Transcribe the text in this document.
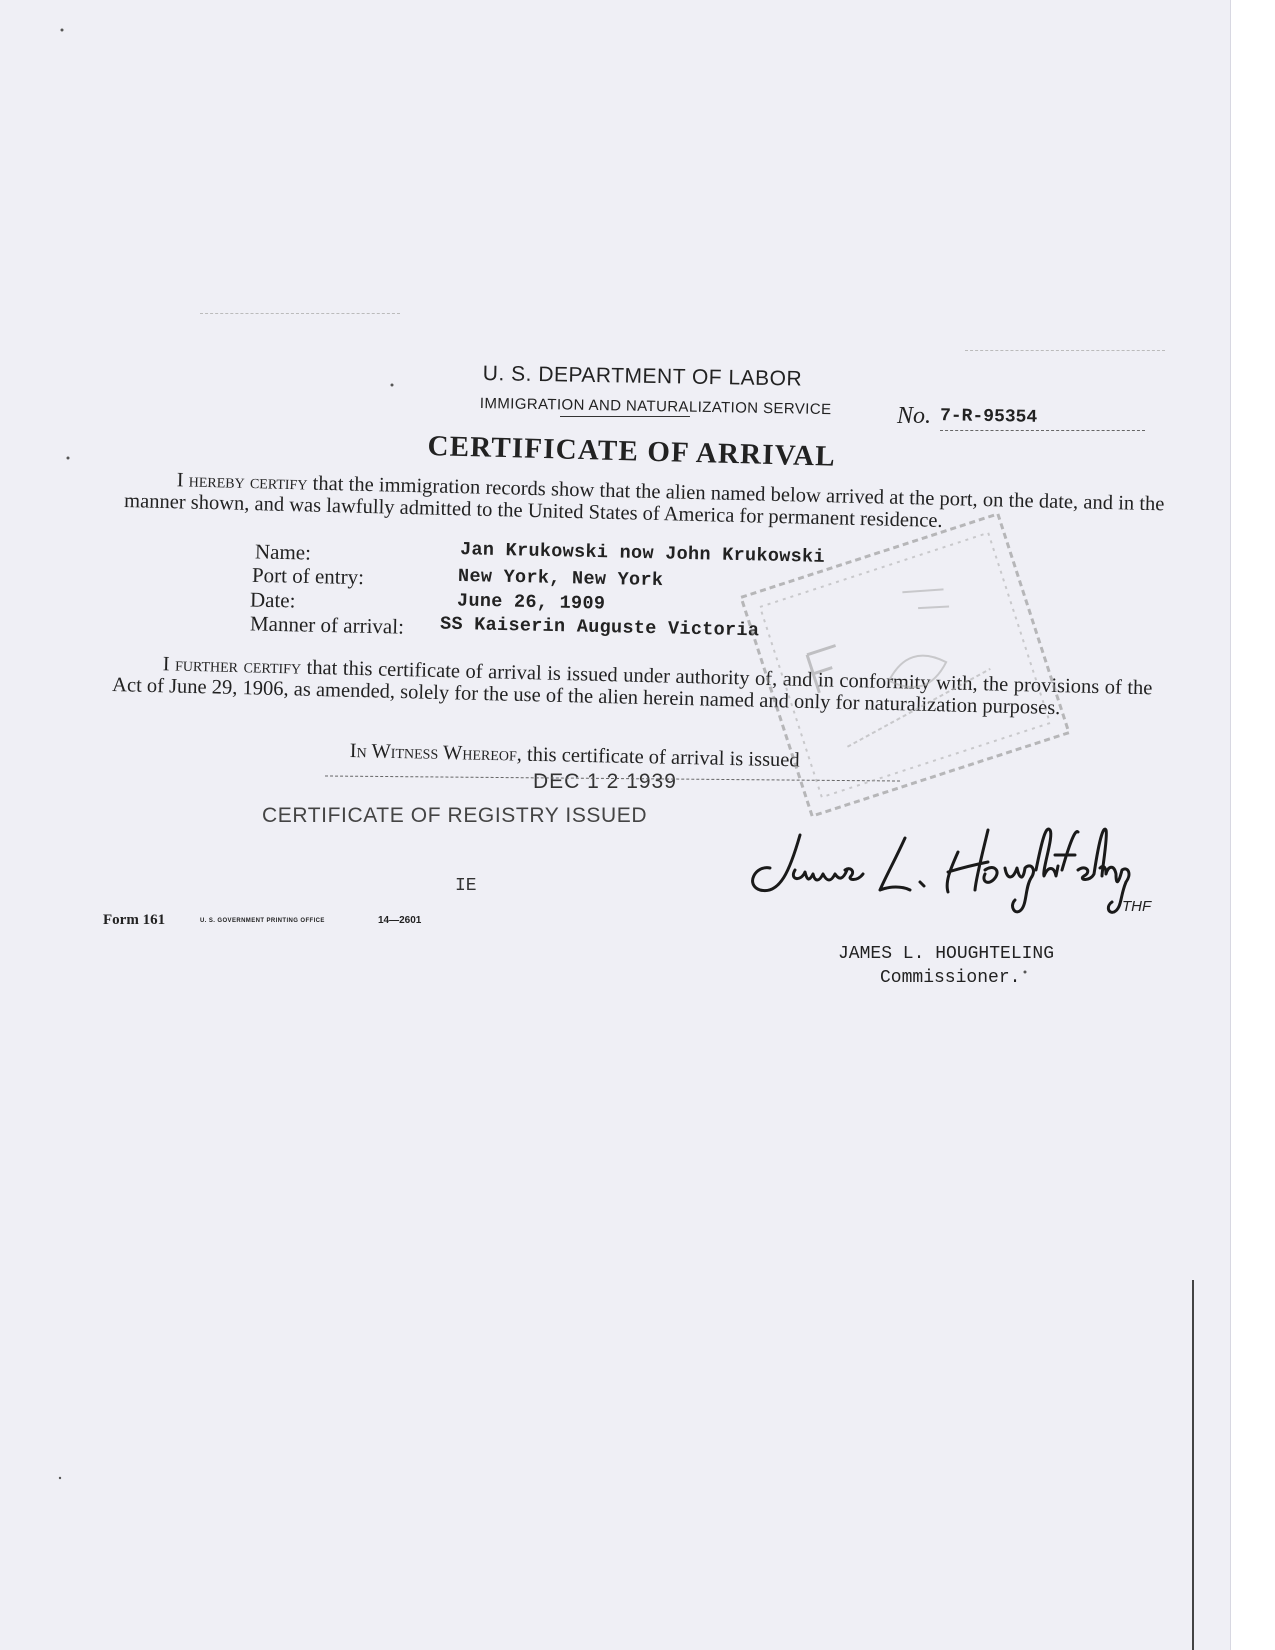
U. S. DEPARTMENT OF LABOR
IMMIGRATION AND NATURALIZATION SERVICE	No. 7-R-95354
CERTIFICATE OF ARRIVAL
I hereby certify that the immigration records show that the alien named below arrived at the port, on the date, and in the manner shown, and was lawfully admitted to the United States of America for permanent residence.
Name:	Jan Krukowski now John Krukowski
Port of entry:	New York, New York
Date:	June 26, 1909
Manner of arrival: SS Kaiserin Auguste Victoria
I further certify that this certificate of arrival is issued under authority of, and in conformity with, the provisions of the Act of June 29, 1906, as amended, solely for the use of the alien herein named and only for naturalization purposes.
In Witness Whereof, this certificate of arrival is issued
DEC 1 2 1939
CERTIFICATE OF REGISTRY ISSUED
IE
Form 161	U. S. GOVERNMENT PRINTING OFFICE	14—2601
THF
JAMES L. HOUGHTELING
Commissioner.
